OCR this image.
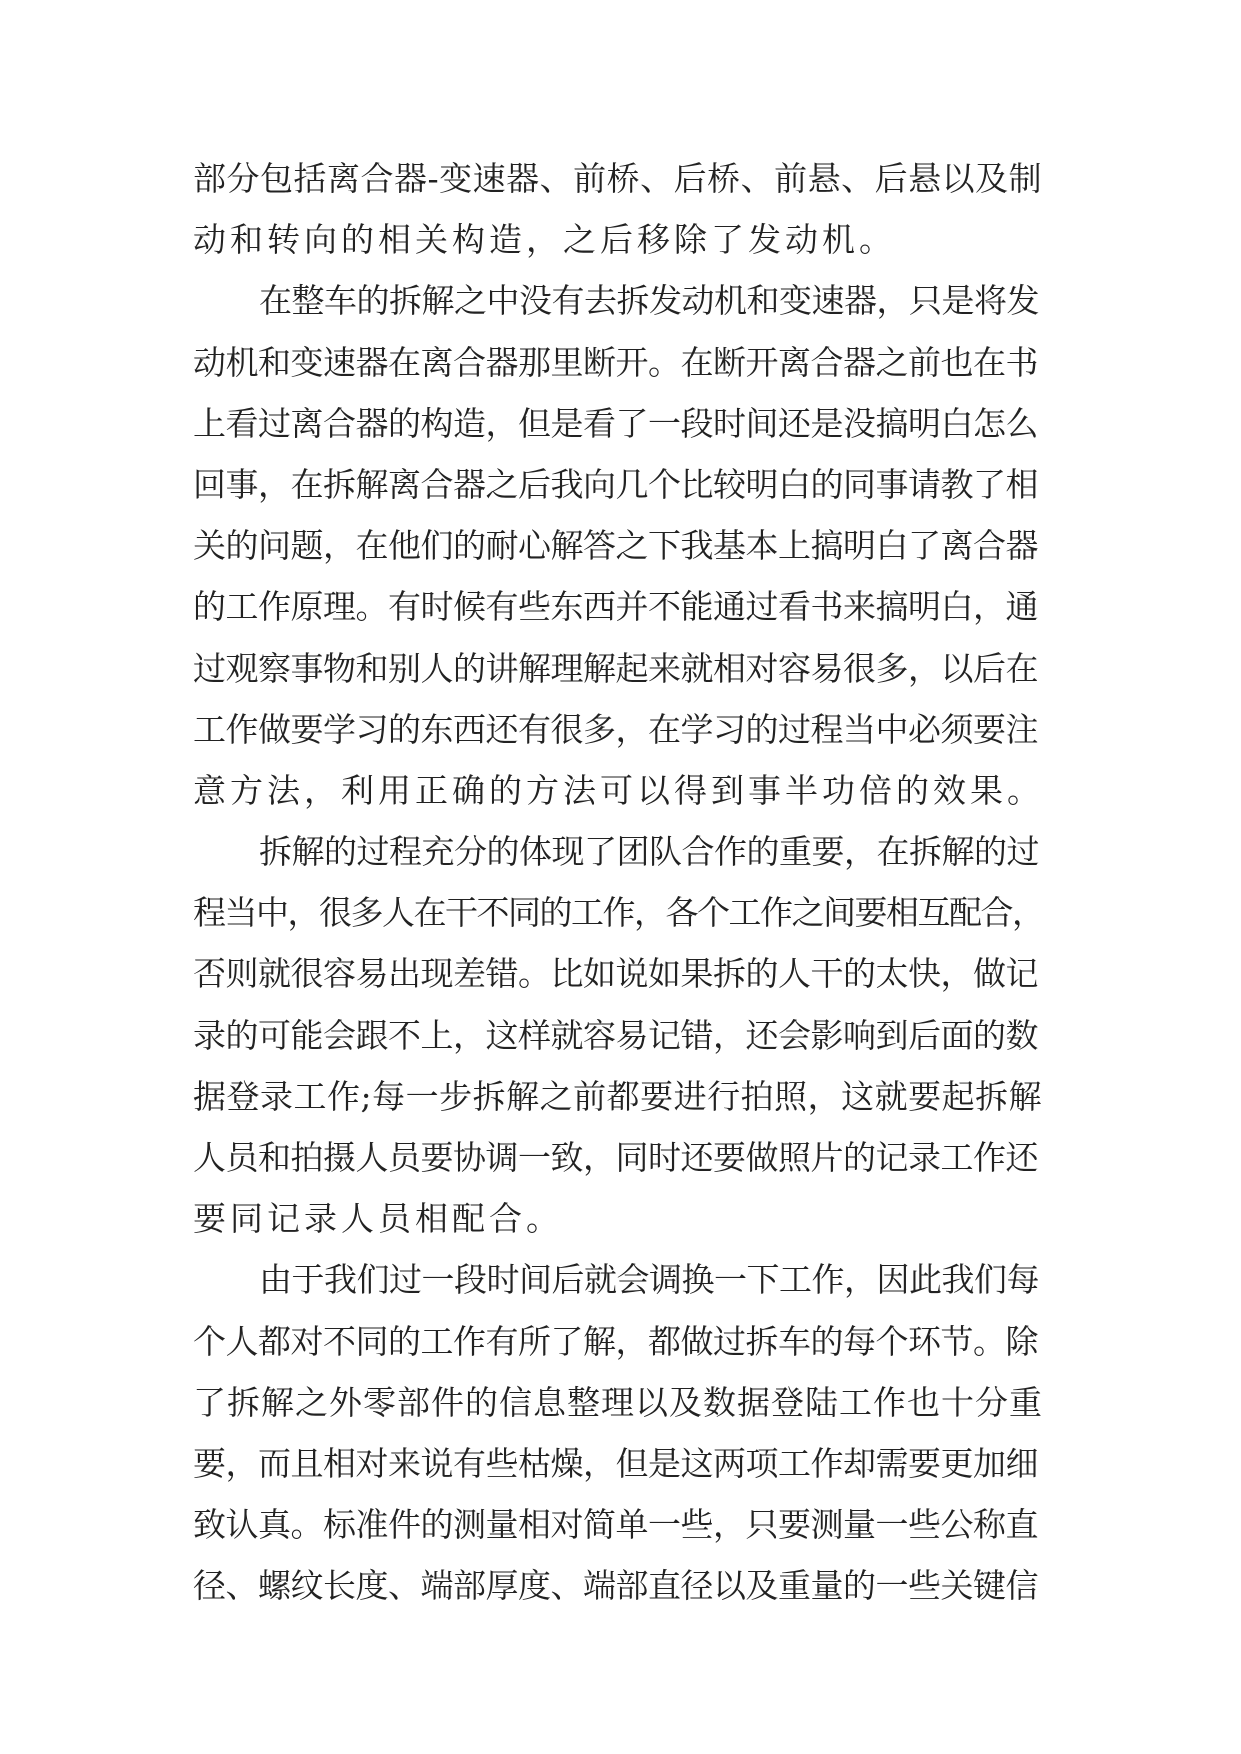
部分包括离合器-变速器、前桥、后桥、前悬、后悬以及制
动和转向的相关构造，之后移除了发动机。
在整车的拆解之中没有去拆发动机和变速器，只是将发
动机和变速器在离合器那里断开。在断开离合器之前也在书
上看过离合器的构造，但是看了一段时间还是没搞明白怎么
回事，在拆解离合器之后我向几个比较明白的同事请教了相
关的问题，在他们的耐心解答之下我基本上搞明白了离合器
的工作原理。有时候有些东西并不能通过看书来搞明白，通
过观察事物和别人的讲解理解起来就相对容易很多，以后在
工作做要学习的东西还有很多，在学习的过程当中必须要注
意方法，利用正确的方法可以得到事半功倍的效果。
拆解的过程充分的体现了团队合作的重要，在拆解的过
程当中，很多人在干不同的工作，各个工作之间要相互配合，
否则就很容易出现差错。比如说如果拆的人干的太快，做记
录的可能会跟不上，这样就容易记错，还会影响到后面的数
据登录工作;每一步拆解之前都要进行拍照，这就要起拆解
人员和拍摄人员要协调一致，同时还要做照片的记录工作还
要同记录人员相配合。
由于我们过一段时间后就会调换一下工作，因此我们每
个人都对不同的工作有所了解，都做过拆车的每个环节。除
了拆解之外零部件的信息整理以及数据登陆工作也十分重
要，而且相对来说有些枯燥，但是这两项工作却需要更加细
致认真。标准件的测量相对简单一些，只要测量一些公称直
径、螺纹长度、端部厚度、端部直径以及重量的一些关键信
